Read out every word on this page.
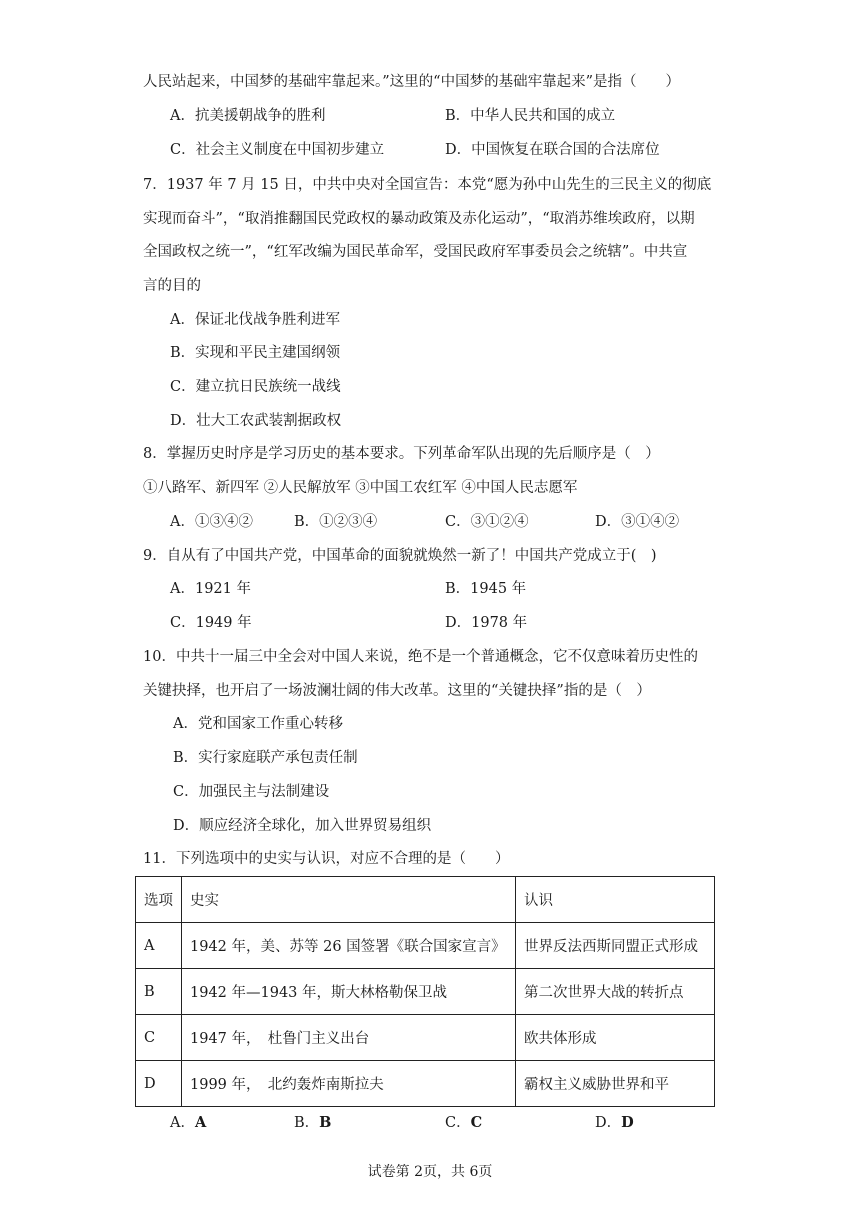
人民站起来，中国梦的基础牢靠起来。”这里的“中国梦的基础牢靠起来”是指（　　）
A．抗美援朝战争的胜利	B．中华人民共和国的成立
C．社会主义制度在中国初步建立	D．中国恢复在联合国的合法席位
7．1937 年 7 月 15 日，中共中央对全国宣告：本党“愿为孙中山先生的三民主义的彻底
实现而奋斗”，“取消推翻国民党政权的暴动政策及赤化运动”，“取消苏维埃政府，以期
全国政权之统一”，“红军改编为国民革命军，受国民政府军事委员会之统辖”。中共宣
言的目的
A．保证北伐战争胜利进军
B．实现和平民主建国纲领
C．建立抗日民族统一战线
D．壮大工农武装割据政权
8．掌握历史时序是学习历史的基本要求。下列革命军队出现的先后顺序是（　）
①八路军、新四军 ②人民解放军 ③中国工农红军 ④中国人民志愿军
A．①③④②	B．①②③④	C．③①②④	D．③①④②
9．自从有了中国共产党，中国革命的面貌就焕然一新了！中国共产党成立于(　)
A．1921 年	B．1945 年
C．1949 年	D．1978 年
10．中共十一届三中全会对中国人来说，绝不是一个普通概念，它不仅意味着历史性的
关键抉择，也开启了一场波澜壮阔的伟大改革。这里的“关键抉择”指的是（　）
A．党和国家工作重心转移
B．实行家庭联产承包责任制
C．加强民主与法制建设
D．顺应经济全球化，加入世界贸易组织
11．下列选项中的史实与认识，对应不合理的是（　　）
选项	史实	认识
A	1942 年，美、苏等 26 国签署《联合国家宣言》	世界反法西斯同盟正式形成
B	1942 年—1943 年，斯大林格勒保卫战	第二次世界大战的转折点
C	1947 年，　杜鲁门主义出台	欧共体形成
D	1999 年，　北约轰炸南斯拉夫	霸权主义威胁世界和平
A．A	B．B	C．C	D．D
试卷第 2页，共 6页
